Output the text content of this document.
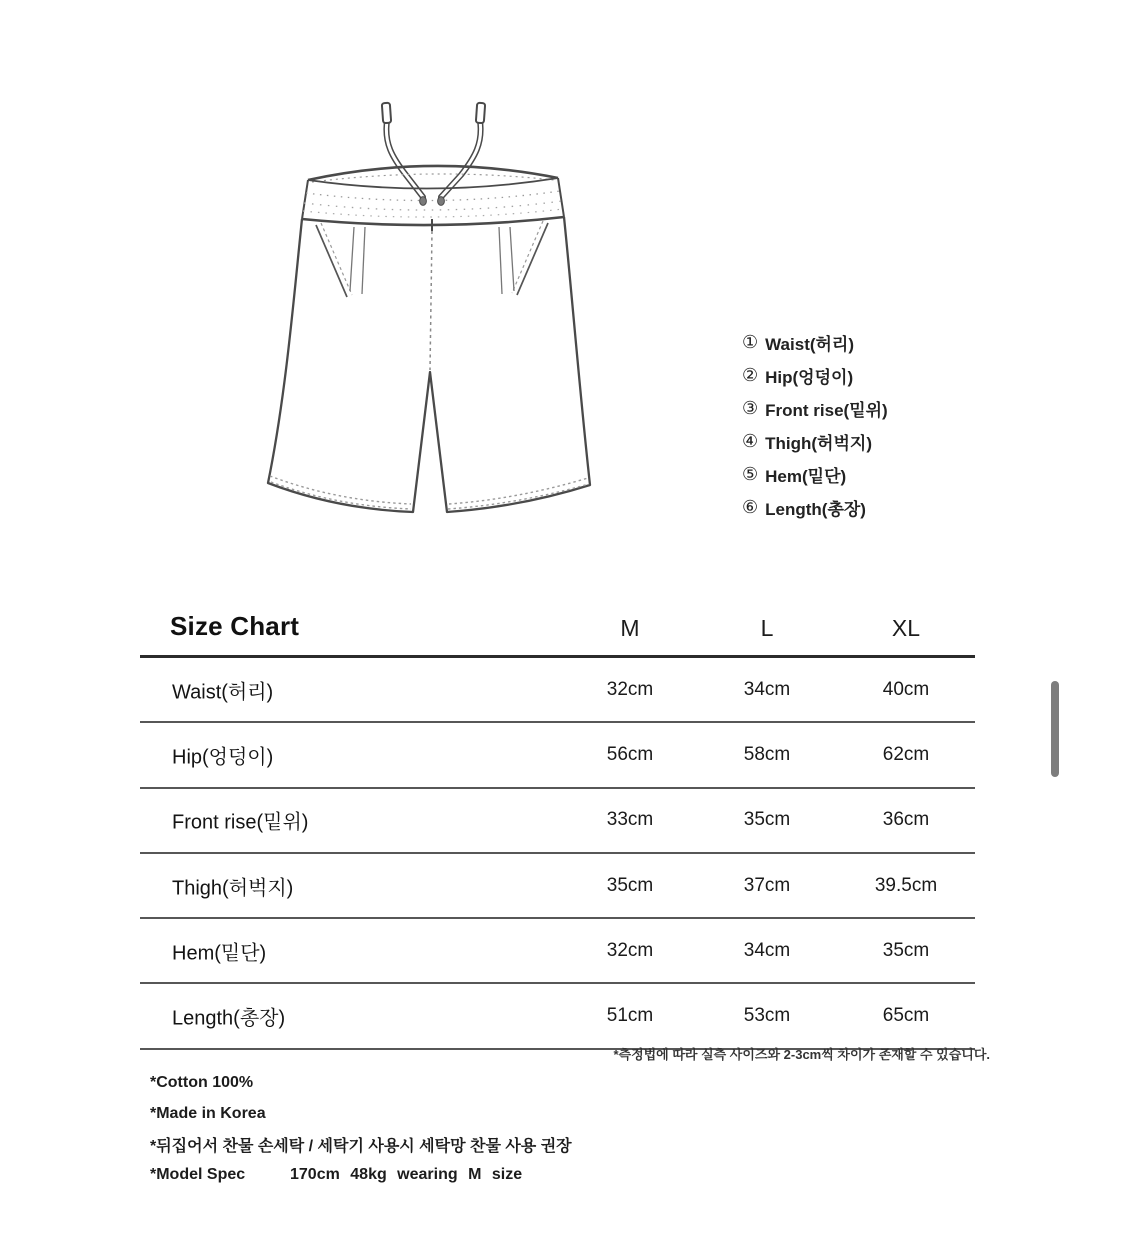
① Waist(허리)
② Hip(엉덩이)
③ Front rise(밑위)
④ Thigh(허벅지)
⑤ Hem(밑단)
⑥ Length(총장)
Size Chart	M	L	XL
Waist(허리)	32cm	34cm	40cm
Hip(엉덩이)	56cm	58cm	62cm
Front rise(밑위)	33cm	35cm	36cm
Thigh(허벅지)	35cm	37cm	39.5cm
Hem(밑단)	32cm	34cm	35cm
Length(총장)	51cm	53cm	65cm
*측정법에 따라 실측 사이즈와 2-3cm씩 차이가 존재할 수 있습니다.
*Cotton 100%
*Made in Korea
*뒤집어서 찬물 손세탁 / 세탁기 사용시 세탁망 찬물 사용 권장
*Model Spec	170cm 48kg wearing M size
